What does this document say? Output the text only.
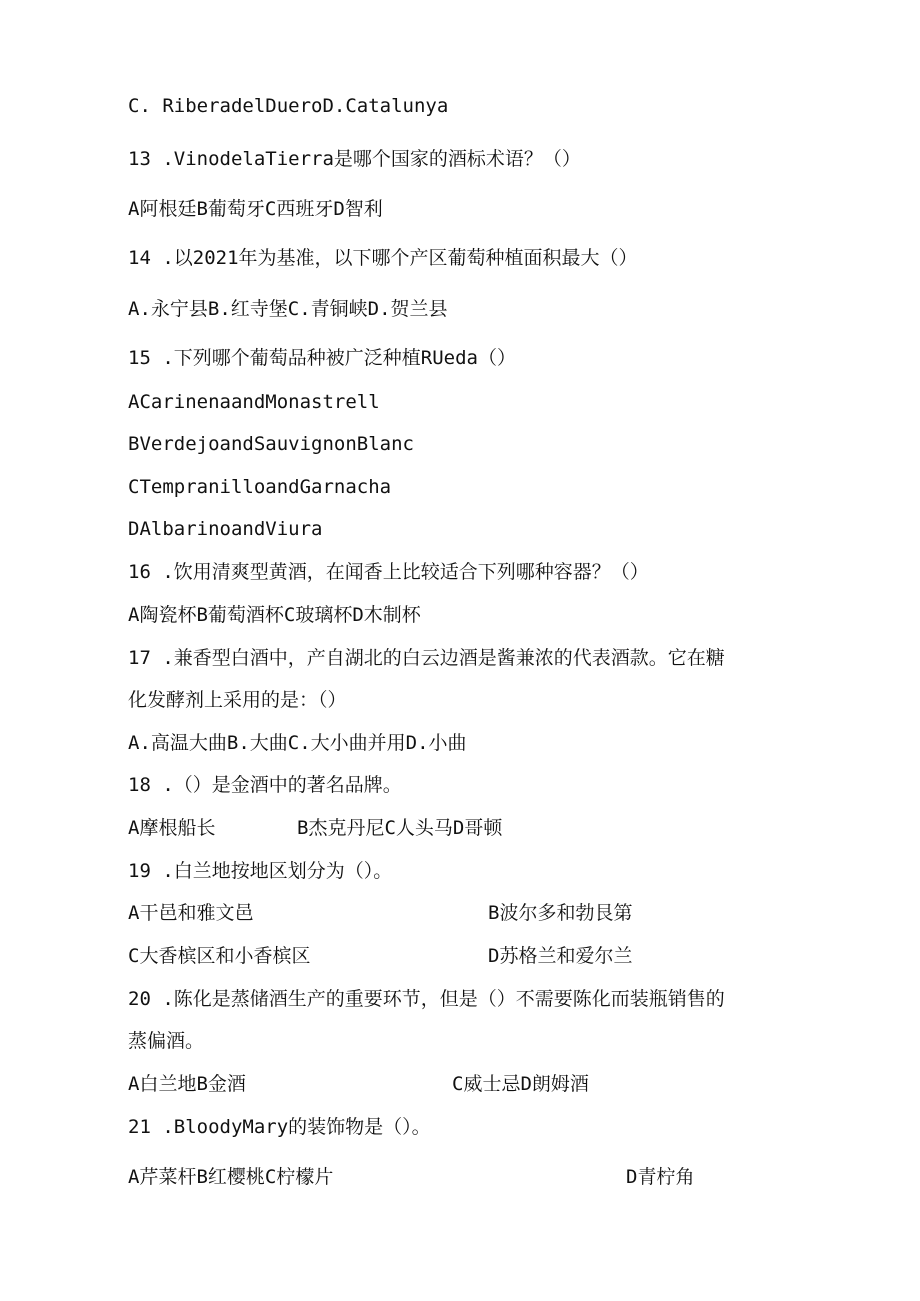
C. RiberadelDueroD.Catalunya
13 .VinodelaTierra是哪个国家的酒标术语？（）
A阿根廷B葡萄牙C西班牙D智利
14 .以2021年为基准，以下哪个产区葡萄种植面积最大（）
A.永宁县B.红寺堡C.青铜峡D.贺兰县
15 .下列哪个葡萄品种被广泛种植RUeda（）
ACarinenaandMonastrell
BVerdejoandSauvignonBlanc
CTempranilloandGarnacha
DAlbarinoandViura
16 .饮用清爽型黄酒，在闻香上比较适合下列哪种容器？（）
A陶瓷杯B葡萄酒杯C玻璃杯D木制杯
17 .兼香型白酒中，产自湖北的白云边酒是酱兼浓的代表酒款。它在糖
化发酵剂上采用的是：（）
A.高温大曲B.大曲C.大小曲并用D.小曲
18 .（）是金酒中的著名品牌。
A摩根船长	B杰克丹尼C人头马D哥顿
19 .白兰地按地区划分为（）。
A干邑和雅文邑	B波尔多和勃艮第
C大香槟区和小香槟区	D苏格兰和爱尔兰
20 .陈化是蒸储酒生产的重要环节，但是（）不需要陈化而装瓶销售的
蒸偏酒。
A白兰地B金酒	C威士忌D朗姆酒
21 .BloodyMary的装饰物是（）。
A芹菜杆B红樱桃C柠檬片	D青柠角
